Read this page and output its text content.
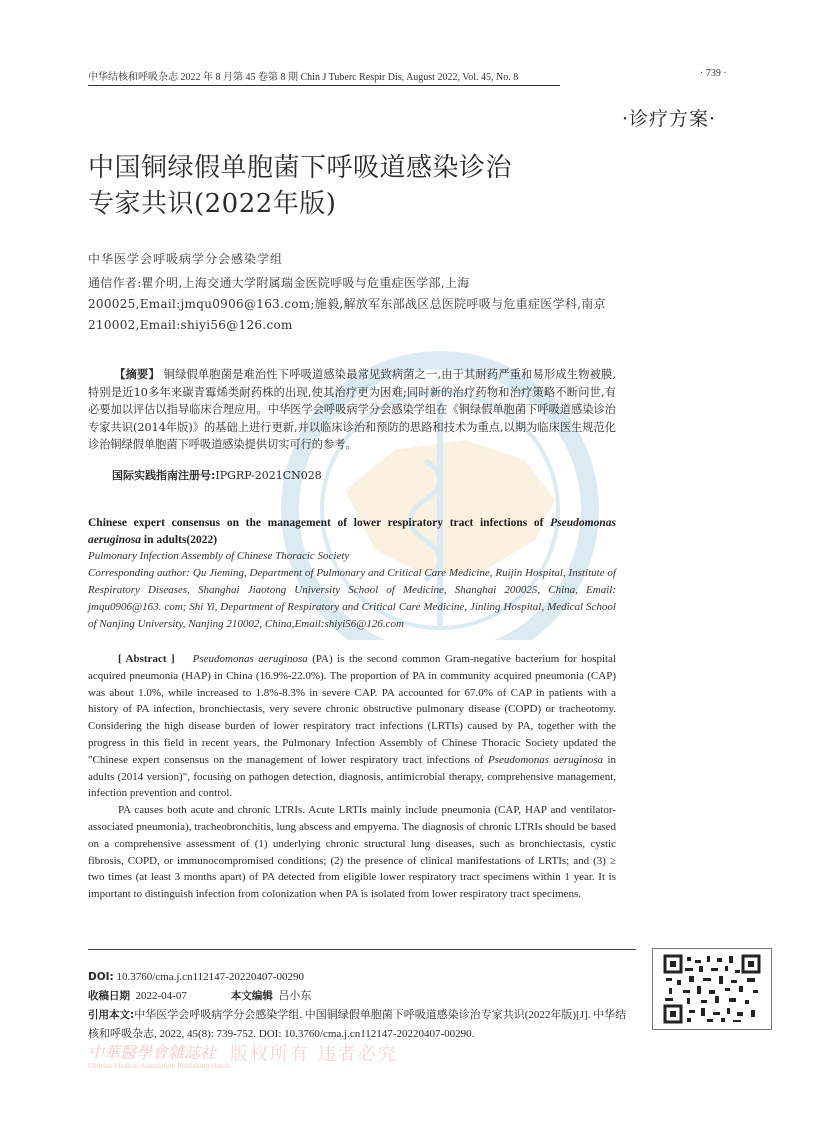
中华结核和呼吸杂志 2022 年 8 月第 45 卷第 8 期 Chin J Tuberc Respir Dis, August 2022, Vol. 45, No. 8	· 739 ·
·诊疗方案·
中国铜绿假单胞菌下呼吸道感染诊治
专家共识(2022年版)
中华医学会呼吸病学分会感染学组
通信作者:瞿介明,上海交通大学附属瑞金医院呼吸与危重症医学部,上海200025,Email:jmqu0906@163.com;施毅,解放军东部战区总医院呼吸与危重症医学科,南京210002,Email:shiyi56@126.com
【摘要】 铜绿假单胞菌是难治性下呼吸道感染最常见致病菌之一,由于其耐药严重和易形成生物被膜,特别是近10多年来碳青霉烯类耐药株的出现,使其治疗更为困难;同时新的治疗药物和治疗策略不断问世,有必要加以评估以指导临床合理应用。中华医学会呼吸病学分会感染学组在《铜绿假单胞菌下呼吸道感染诊治专家共识(2014年版)》的基础上进行更新,并以临床诊治和预防的思路和技术为重点,以期为临床医生规范化诊治铜绿假单胞菌下呼吸道感染提供切实可行的参考。
国际实践指南注册号:IPGRP-2021CN028
Chinese expert consensus on the management of lower respiratory tract infections of Pseudomonas aeruginosa in adults(2022)
Pulmonary Infection Assembly of Chinese Thoracic Society
Corresponding author: Qu Jieming, Department of Pulmonary and Critical Care Medicine, Ruijin Hospital, Institute of Respiratory Diseases, Shanghai Jiaotong University School of Medicine, Shanghai 200025, China, Email: jmqu0906@163. com; Shi Yi, Department of Respiratory and Critical Care Medicine, Jinling Hospital, Medical School of Nanjing University, Nanjing 210002, China,Email:shiyi56@126.com

[ Abstract ] Pseudomonas aeruginosa (PA) is the second common Gram-negative bacterium for hospital acquired pneumonia (HAP) in China (16.9%-22.0%). The proportion of PA in community acquired pneumonia (CAP) was about 1.0%, while increased to 1.8%-8.3% in severe CAP. PA accounted for 67.0% of CAP in patients with a history of PA infection, bronchiectasis, very severe chronic obstructive pulmonary disease (COPD) or tracheotomy. Considering the high disease burden of lower respiratory tract infections (LRTIs) caused by PA, together with the progress in this field in recent years, the Pulmonary Infection Assembly of Chinese Thoracic Society updated the "Chinese expert consensus on the management of lower respiratory tract infections of Pseudomonas aeruginosa in adults (2014 version)", focusing on pathogen detection, diagnosis, antimicrobial therapy, comprehensive management, infection prevention and control.

PA causes both acute and chronic LTRIs. Acute LRTIs mainly include pneumonia (CAP, HAP and ventilator-associated pneumonia), tracheobronchitis, lung abscess and empyema. The diagnosis of chronic LTRIs should be based on a comprehensive assessment of (1) underlying chronic structural lung diseases, such as bronchiectasis, cystic fibrosis, COPD, or immunocompromised conditions; (2) the presence of clinical manifestations of LRTIs; and (3) ≥ two times (at least 3 months apart) of PA detected from eligible lower respiratory tract specimens within 1 year. It is important to distinguish infection from colonization when PA is isolated from lower respiratory tract specimens.

DOI: 10.3760/cma.j.cn112147-20220407-00290
收稿日期 2022-04-07	本文编辑 吕小东
引用本文:中华医学会呼吸病学分会感染学组. 中国铜绿假单胞菌下呼吸道感染诊治专家共识(2022年版)[J]. 中华结核和呼吸杂志, 2022, 45(8): 739-752. DOI: 10.3760/cma.j.cn112147-20220407-00290.
中華醫學會雜誌社
Chinese Medical Association Publishing House
版权所有 违者必究
